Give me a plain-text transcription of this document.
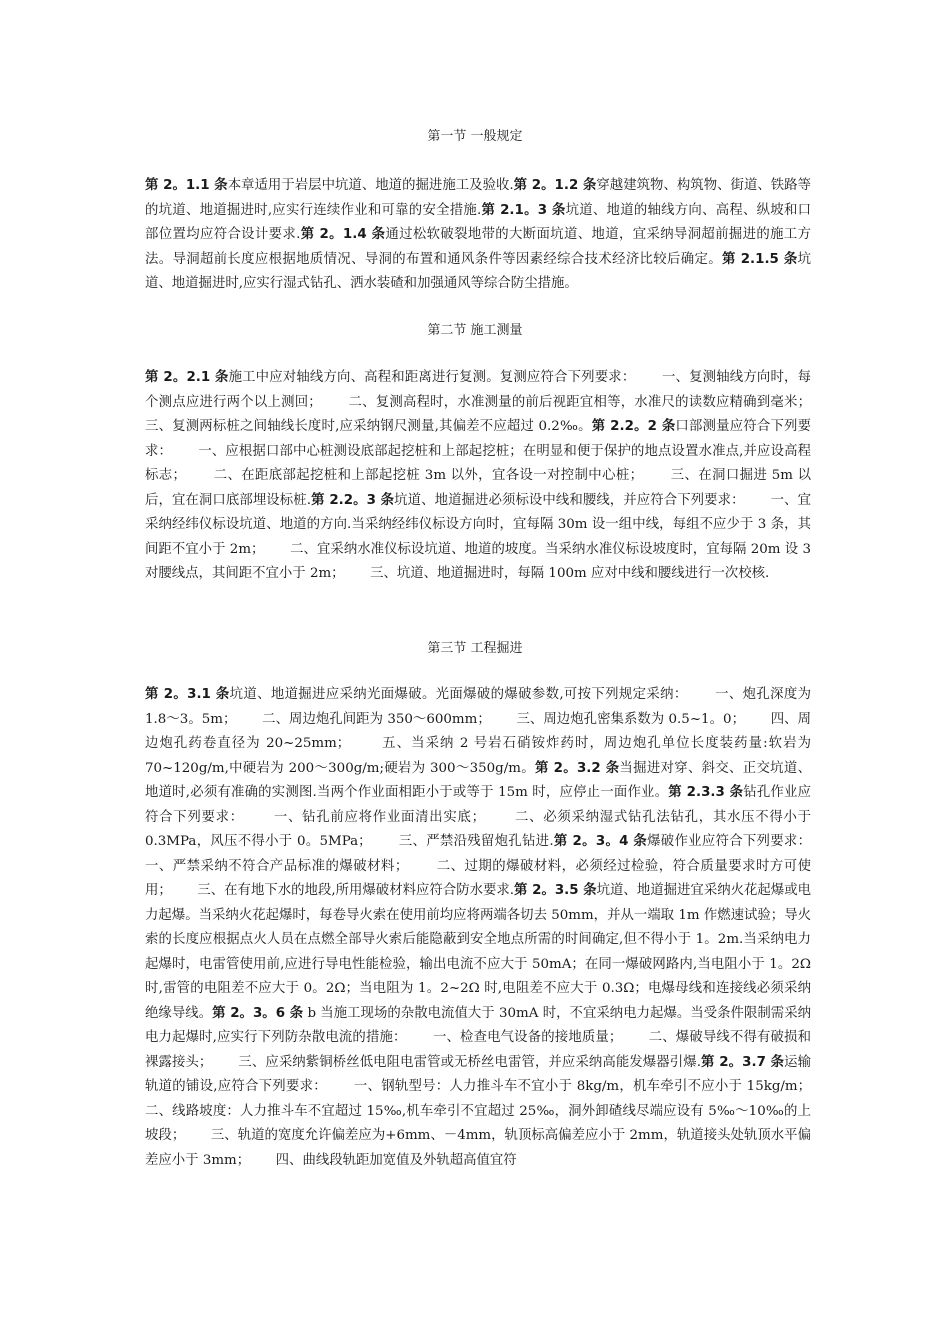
第一节 一般规定
第 2。1.1 条本章适用于岩层中坑道、地道的掘进施工及验收.第 2。1.2 条穿越建筑物、构筑物、街道、铁路等的坑道、地道掘进时,应实行连续作业和可靠的安全措施.第 2.1。3 条坑道、地道的轴线方向、高程、纵坡和口部位置均应符合设计要求.第 2。1.4 条通过松软破裂地带的大断面坑道、地道，宜采纳导洞超前掘进的施工方法。导洞超前长度应根据地质情况、导洞的布置和通风条件等因素经综合技术经济比较后确定。第 2.1.5 条坑道、地道掘进时,应实行湿式钻孔、洒水装碴和加强通风等综合防尘措施。
第二节 施工测量
第 2。2.1 条施工中应对轴线方向、高程和距离进行复测。复测应符合下列要求：      一、复测轴线方向时，每个测点应进行两个以上测回；      二、复测高程时，水准测量的前后视距宜相等，水准尺的读数应精确到毫米；      三、复测两标桩之间轴线长度时,应采纳钢尺测量,其偏差不应超过 0.2‰。第 2.2。2 条口部测量应符合下列要求：      一、应根据口部中心桩测设底部起挖桩和上部起挖桩；在明显和便于保护的地点设置水准点,并应设高程标志；      二、在距底部起挖桩和上部起挖桩 3m 以外，宜各设一对控制中心桩；      三、在洞口掘进 5m 以后，宜在洞口底部埋设标桩.第 2.2。3 条坑道、地道掘进必须标设中线和腰线，并应符合下列要求：      一、宜采纳经纬仪标设坑道、地道的方向.当采纳经纬仪标设方向时，宜每隔 30m 设一组中线，每组不应少于 3 条，其间距不宜小于 2m；      二、宜采纳水准仪标设坑道、地道的坡度。当采纳水准仪标设坡度时，宜每隔 20m 设 3 对腰线点，其间距不宜小于 2m；      三、坑道、地道掘进时，每隔 100m 应对中线和腰线进行一次校核.
第三节 工程掘进
第 2。3.1 条坑道、地道掘进应采纳光面爆破。光面爆破的爆破参数,可按下列规定采纳：      一、炮孔深度为 1.8～3。5m；      二、周边炮孔间距为 350～600mm；      三、周边炮孔密集系数为 0.5~1。0；      四、周边炮孔药卷直径为 20~25mm；      五、当采纳 2 号岩石硝铵炸药时，周边炮孔单位长度装药量:软岩为 70~120g/m,中硬岩为 200～300g/m;硬岩为 300～350g/m。第 2。3.2 条当掘进对穿、斜交、正交坑道、地道时,必须有准确的实测图.当两个作业面相距小于或等于 15m 时，应停止一面作业。第 2.3.3 条钻孔作业应符合下列要求：      一、钻孔前应将作业面清出实底；      二、必须采纳湿式钻孔法钻孔，其水压不得小于 0.3MPa，风压不得小于 0。5MPa；      三、严禁沿残留炮孔钻进.第 2。3。4 条爆破作业应符合下列要求：      一、严禁采纳不符合产品标准的爆破材料；      二、过期的爆破材料，必须经过检验，符合质量要求时方可使用；      三、在有地下水的地段,所用爆破材料应符合防水要求.第 2。3.5 条坑道、地道掘进宜采纳火花起爆或电力起爆。当采纳火花起爆时，每卷导火索在使用前均应将两端各切去 50mm，并从一端取 1m 作燃速试验；导火索的长度应根据点火人员在点燃全部导火索后能隐蔽到安全地点所需的时间确定,但不得小于 1。2m.当采纳电力起爆时，电雷管使用前,应进行导电性能检验，输出电流不应大于 50mA；在同一爆破网路内,当电阻小于 1。2Ω 时,雷管的电阻差不应大于 0。2Ω；当电阻为 1。2~2Ω 时,电阻差不应大于 0.3Ω；电爆母线和连接线必须采纳绝缘导线。第 2。3。6 条 b 当施工现场的杂散电流值大于 30mA 时，不宜采纳电力起爆。当受条件限制需采纳电力起爆时,应实行下列防杂散电流的措施：      一、检查电气设备的接地质量；      二、爆破导线不得有破损和裸露接头；      三、应采纳紫铜桥丝低电阻电雷管或无桥丝电雷管，并应采纳高能发爆器引爆.第 2。3.7 条运输轨道的铺设,应符合下列要求：      一、钢轨型号：人力推斗车不宜小于 8kg/m，机车牵引不应小于 15kg/m；      二、线路坡度：人力推斗车不宜超过 15‰,机车牵引不宜超过 25‰，洞外卸碴线尽端应设有 5‰～10‰的上坡段；      三、轨道的宽度允许偏差应为+6mm、－4mm，轨顶标高偏差应小于 2mm，轨道接头处轨顶水平偏差应小于 3mm；      四、曲线段轨距加宽值及外轨超高值宜符
